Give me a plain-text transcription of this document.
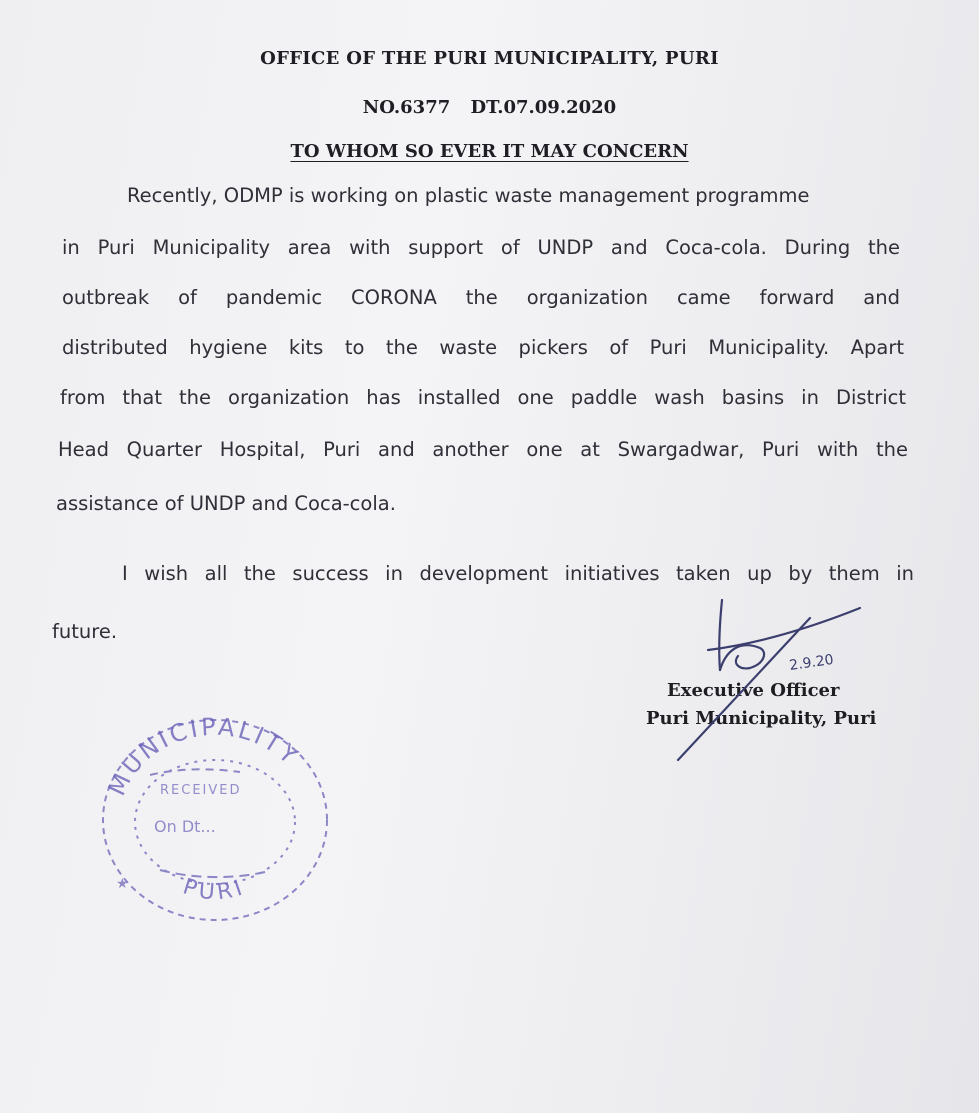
OFFICE OF THE PURI MUNICIPALITY, PURI
NO.6377 DT.07.09.2020
TO WHOM SO EVER IT MAY CONCERN
Recently, ODMP is working on plastic waste management programme
in Puri Municipality area with support of UNDP and Coca-cola. During the
outbreak of pandemic CORONA the organization came forward and
distributed hygiene kits to the waste pickers of Puri Municipality. Apart
from that the organization has installed one paddle wash basins in District
Head Quarter Hospital, Puri and another one at Swargadwar, Puri with the
assistance of UNDP and Coca-cola.
I wish all the success in development initiatives taken up by them in
future.
Executive Officer
Puri Municipality, Puri
2.9.20
MUNICIPALITY
RECEIVED
On Dt...
PURI
★
